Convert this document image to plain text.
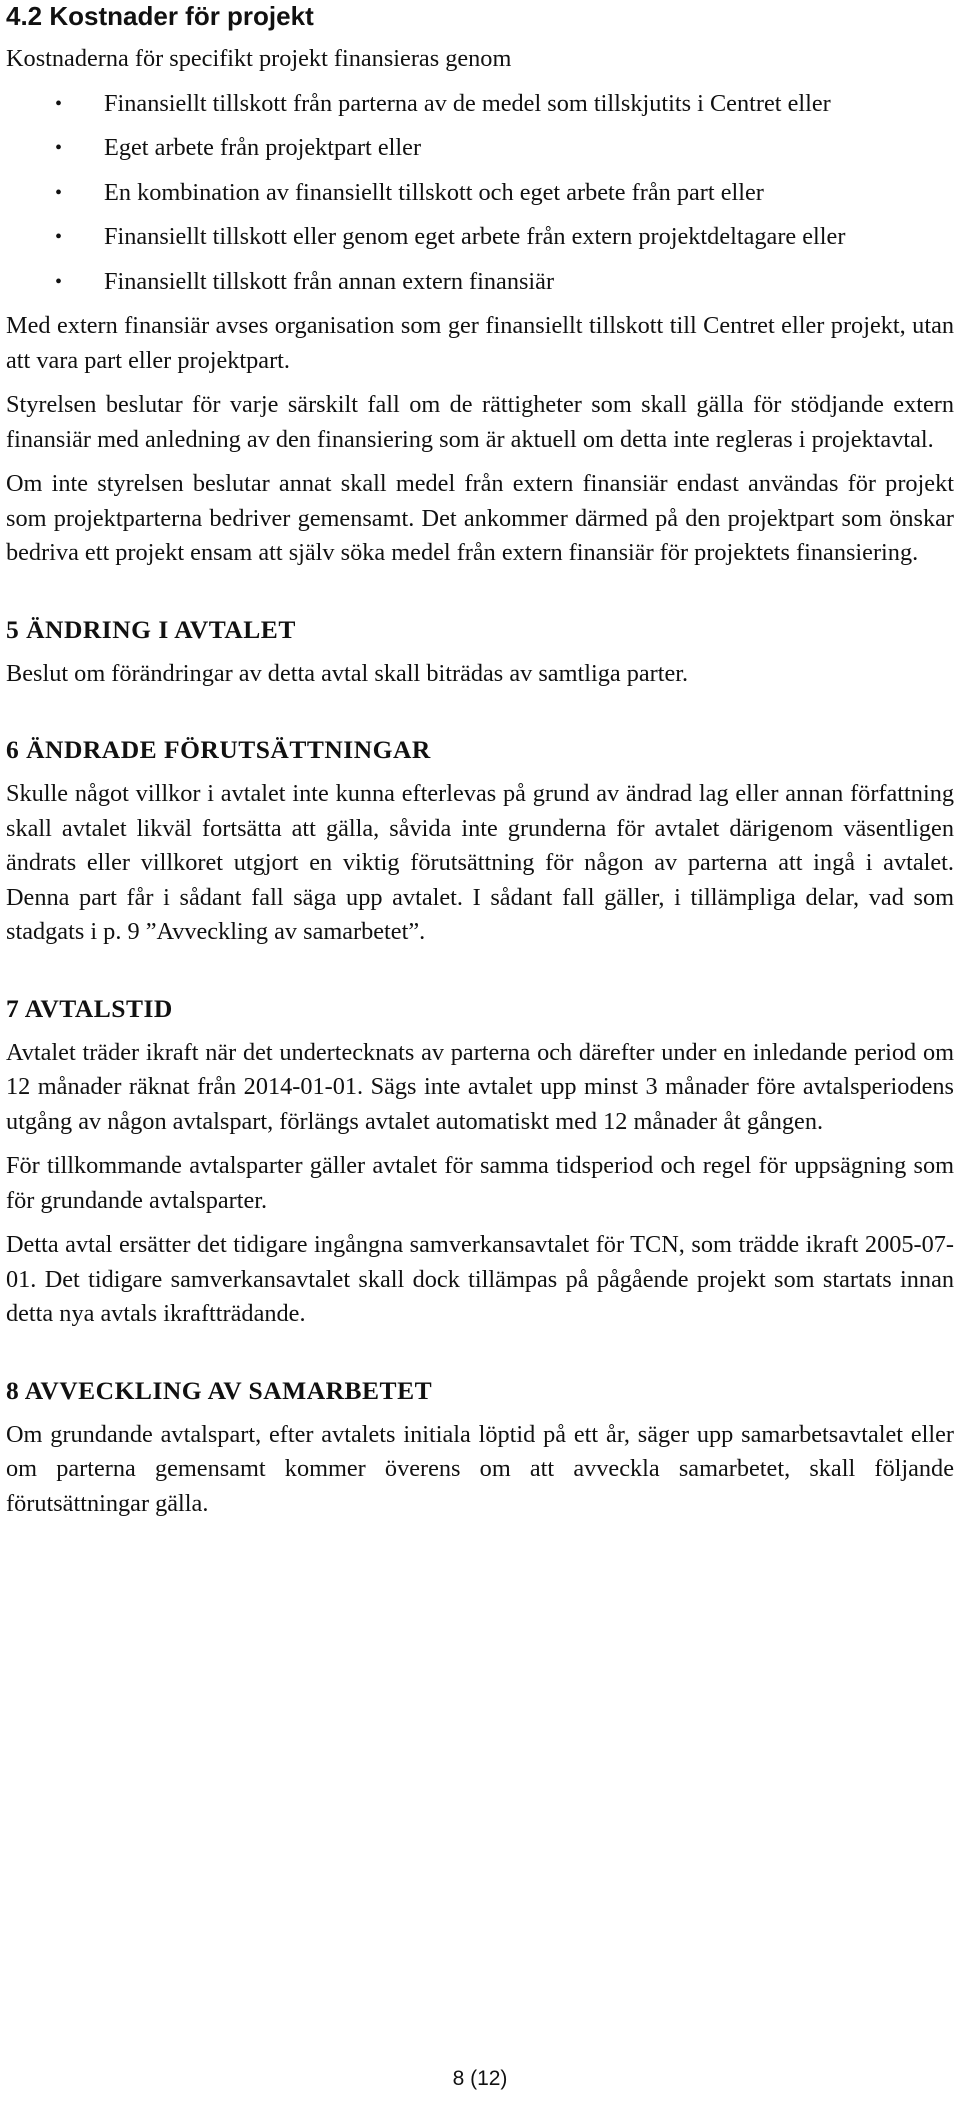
4.2 Kostnader för projekt

Kostnaderna för specifikt projekt finansieras genom

• Finansiellt tillskott från parterna av de medel som tillskjutits i Centret eller
• Eget arbete från projektpart eller
• En kombination av finansiellt tillskott och eget arbete från part eller
• Finansiellt tillskott eller genom eget arbete från extern projektdeltagare eller
• Finansiellt tillskott från annan extern finansiär

Med extern finansiär avses organisation som ger finansiellt tillskott till Centret eller projekt, utan att vara part eller projektpart.

Styrelsen beslutar för varje särskilt fall om de rättigheter som skall gälla för stödjande extern finansiär med anledning av den finansiering som är aktuell om detta inte regleras i projektavtal.

Om inte styrelsen beslutar annat skall medel från extern finansiär endast användas för projekt som projektparterna bedriver gemensamt. Det ankommer därmed på den projektpart som önskar bedriva ett projekt ensam att själv söka medel från extern finansiär för projektets finansiering.

5 ÄNDRING I AVTALET

Beslut om förändringar av detta avtal skall biträdas av samtliga parter.

6 ÄNDRADE FÖRUTSÄTTNINGAR

Skulle något villkor i avtalet inte kunna efterlevas på grund av ändrad lag eller annan författning skall avtalet likväl fortsätta att gälla, såvida inte grunderna för avtalet därigenom väsentligen ändrats eller villkoret utgjort en viktig förutsättning för någon av parterna att ingå i avtalet. Denna part får i sådant fall säga upp avtalet. I sådant fall gäller, i tillämpliga delar, vad som stadgats i p. 9 ”Avveckling av samarbetet”.

7 AVTALSTID

Avtalet träder ikraft när det undertecknats av parterna och därefter under en inledande period om 12 månader räknat från 2014-01-01. Sägs inte avtalet upp minst 3 månader före avtalsperiodens utgång av någon avtalspart, förlängs avtalet automatiskt med 12 månader åt gången.

För tillkommande avtalsparter gäller avtalet för samma tidsperiod och regel för uppsägning som för grundande avtalsparter.

Detta avtal ersätter det tidigare ingångna samverkansavtalet för TCN, som trädde ikraft 2005-07-01. Det tidigare samverkansavtalet skall dock tillämpas på pågående projekt som startats innan detta nya avtals ikraftträdande.

8 AVVECKLING AV SAMARBETET

Om grundande avtalspart, efter avtalets initiala löptid på ett år, säger upp samarbetsavtalet eller om parterna gemensamt kommer överens om att avveckla samarbetet, skall följande förutsättningar gälla.

8 (12)
